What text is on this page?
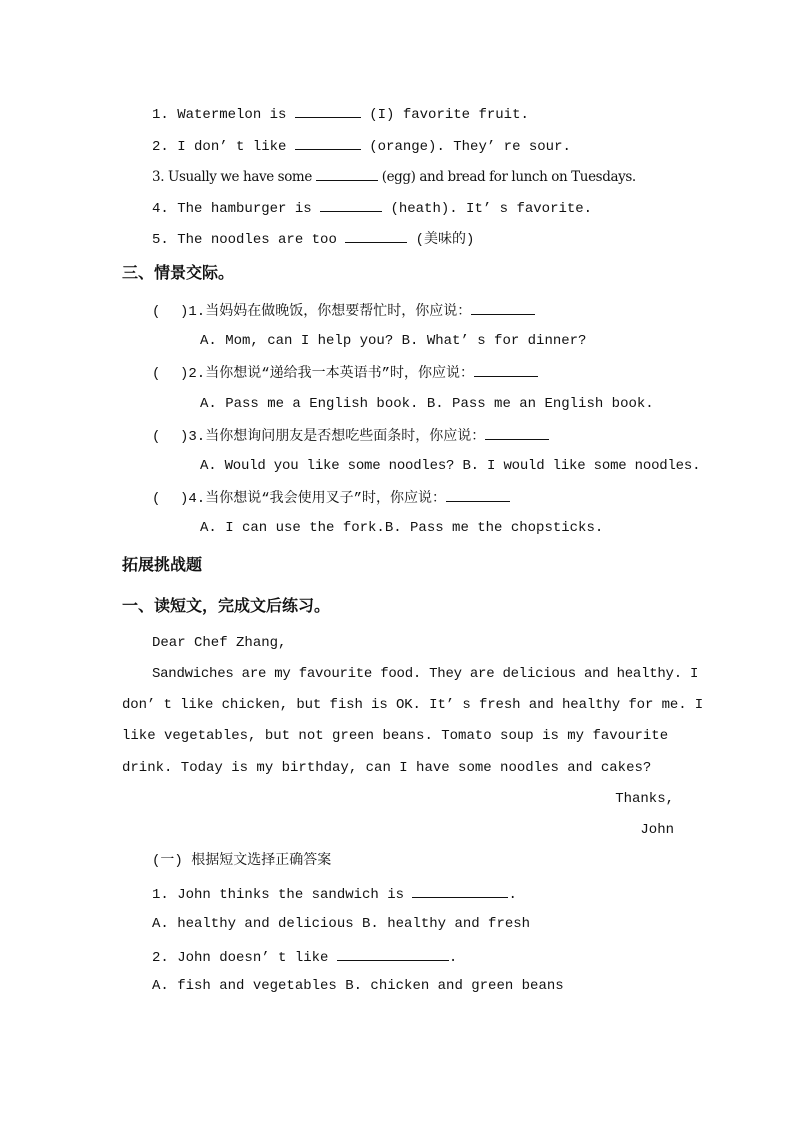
1. Watermelon is	(I) favorite fruit.
2. I don’ t like	(orange). They’ re sour.
3. Usually we have some	(egg) and bread for lunch on Tuesdays.
4. The hamburger is	(heath). It’ s favorite.
5. The noodles are too	(美味的)
三、情景交际。
( )1.当妈妈在做晚饭，你想要帮忙时，你应说：
A. Mom, can I help you? B. What’ s for dinner?
( )2.当你想说“递给我一本英语书”时，你应说：
A. Pass me a English book. B. Pass me an English book.
( )3.当你想询问朋友是否想吃些面条时，你应说：
A. Would you like some noodles? B. I would like some noodles.
( )4.当你想说“我会使用叉子”时，你应说：
A. I can use the fork.B. Pass me the chopsticks.
拓展挑战题
一、读短文，完成文后练习。
Dear Chef Zhang,
Sandwiches are my favourite food. They are delicious and healthy. I
don’ t like chicken, but fish is OK. It’ s fresh and healthy for me. I
like vegetables, but not green beans. Tomato soup is my favourite
drink. Today is my birthday, can I have some noodles and cakes?
Thanks,
John
(一) 根据短文选择正确答案
1. John thinks the sandwich is	.
A. healthy and delicious B. healthy and fresh
2. John doesn’ t like	.
A. fish and vegetables B. chicken and green beans
